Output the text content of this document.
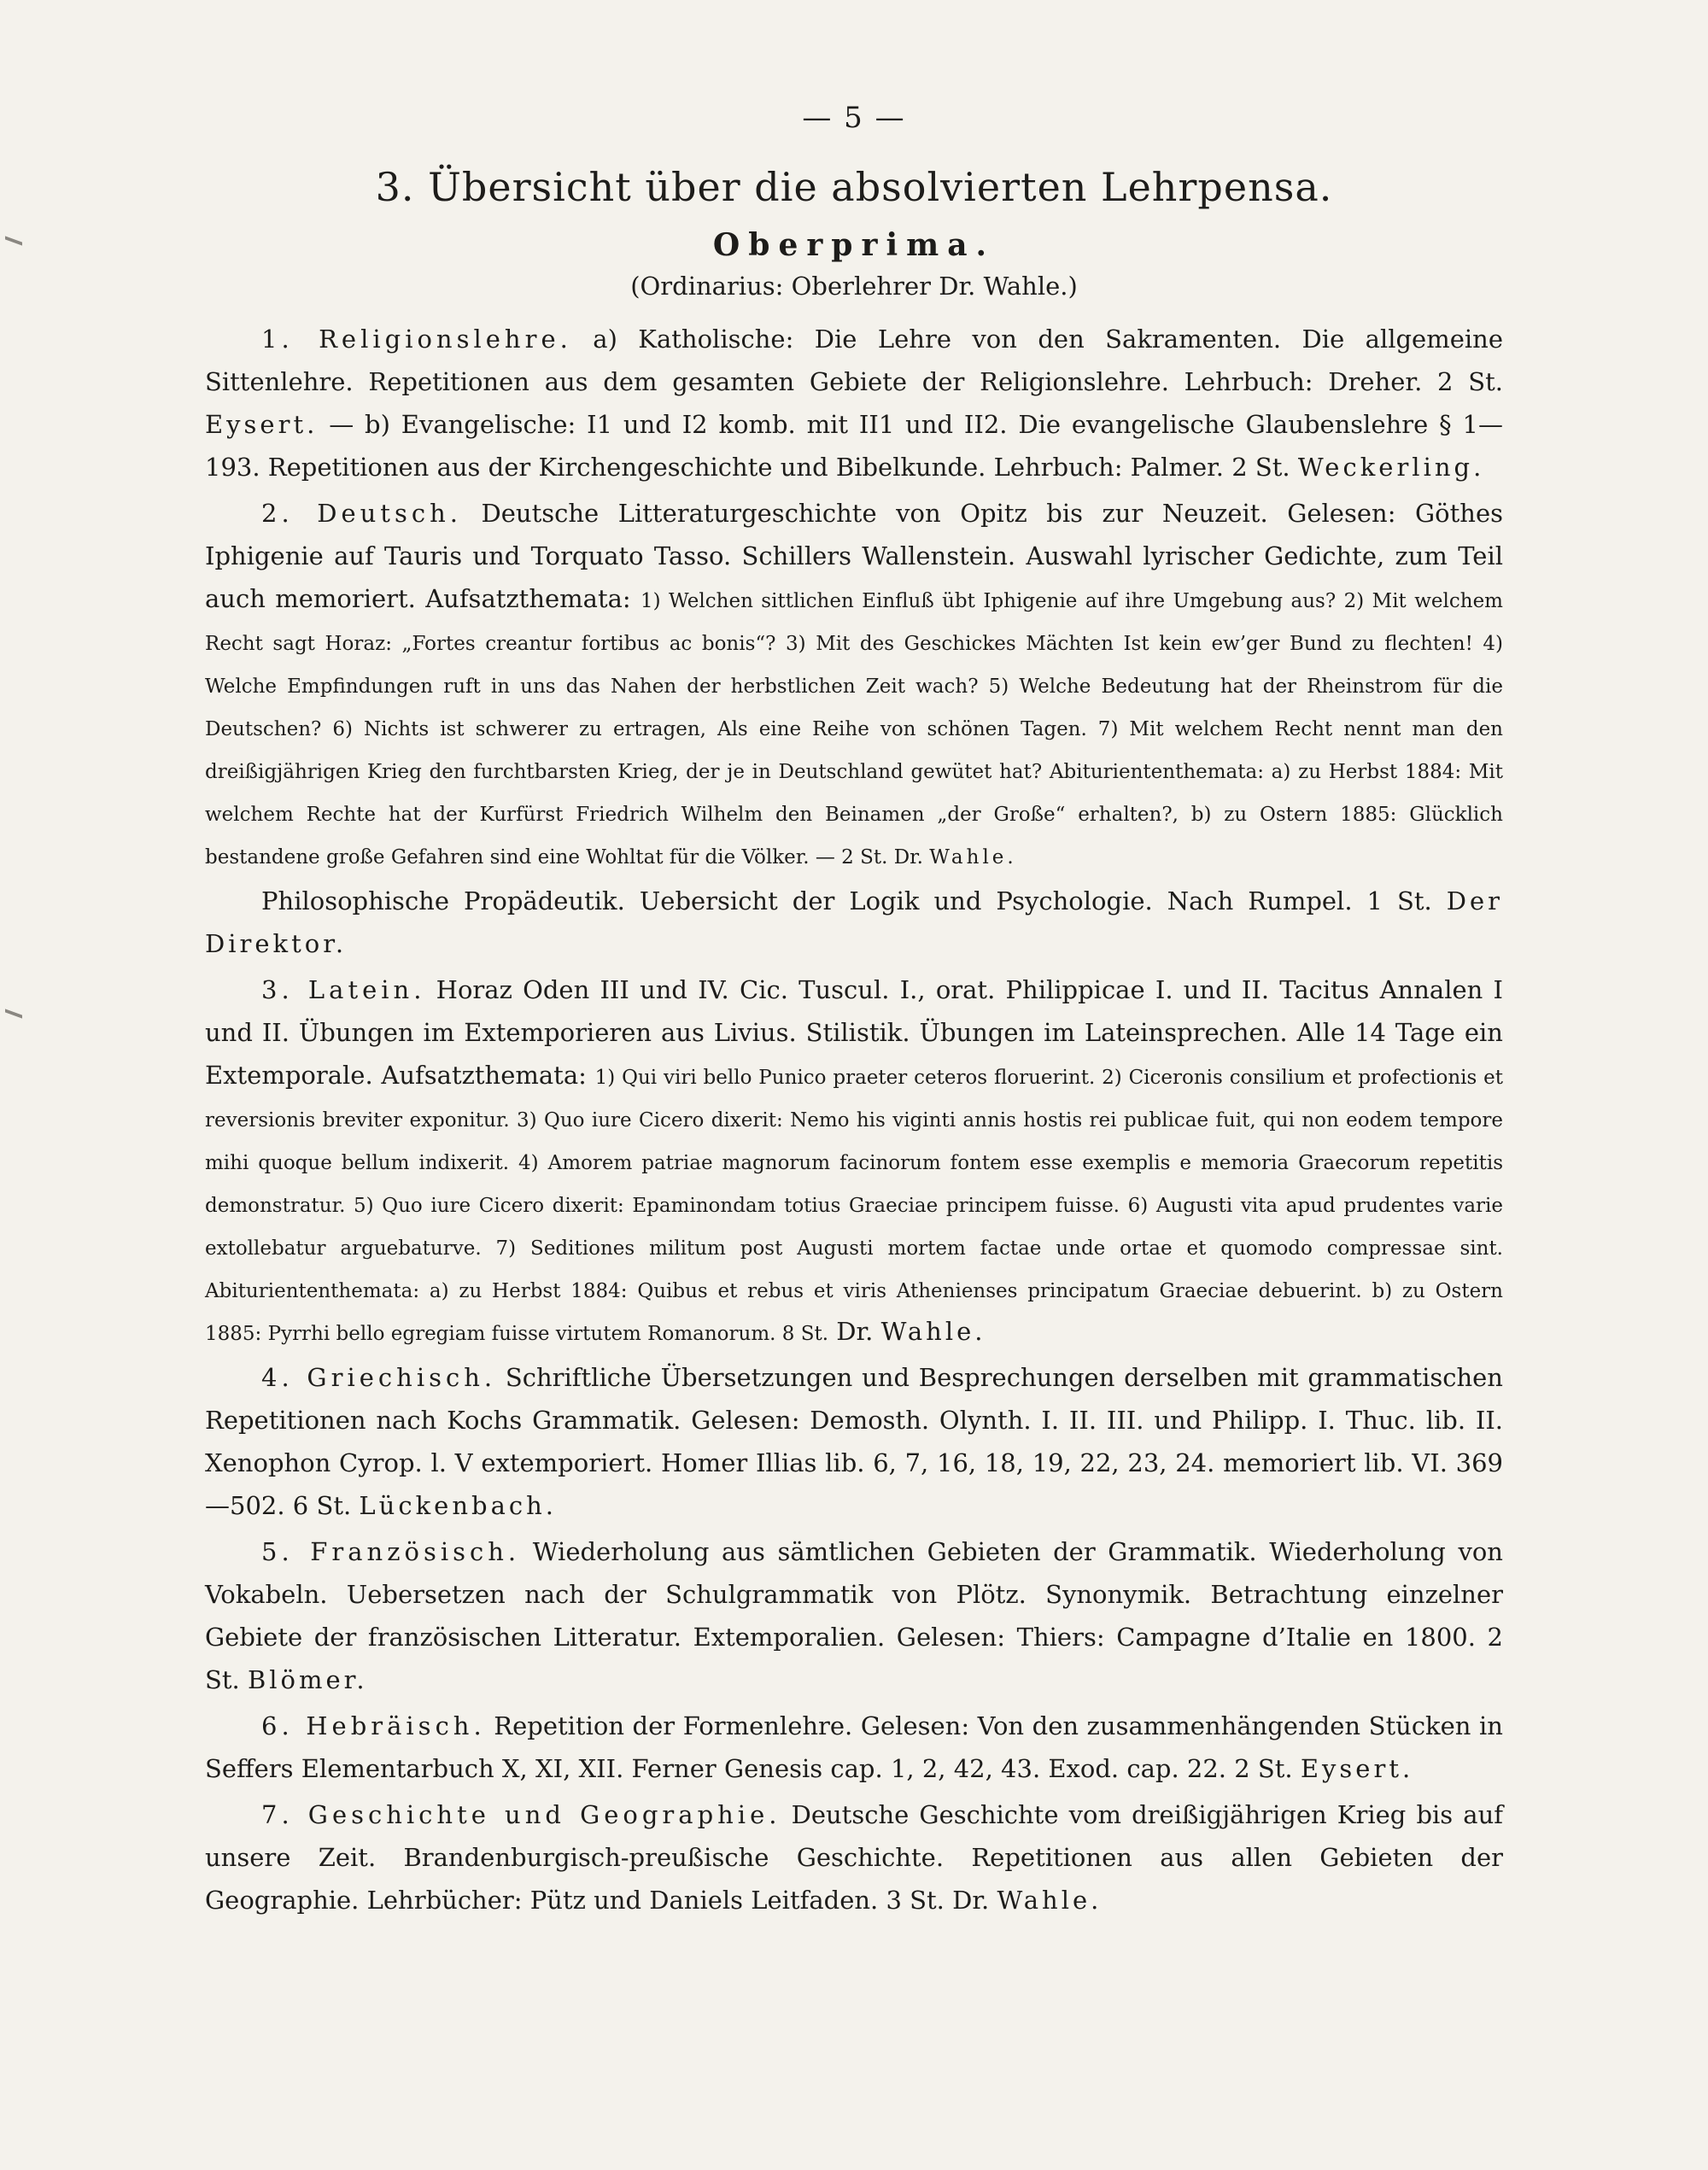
— 5 —
3. Übersicht über die absolvierten Lehrpensa.
Oberprima.
(Ordinarius: Oberlehrer Dr. Wahle.)

1. Religionslehre. a) Katholische: Die Lehre von den Sakramenten. Die allgemeine Sittenlehre. Repetitionen aus dem gesamten Gebiete der Religionslehre. Lehrbuch: Dreher. 2 St. Eysert. — b) Evangelische: I1 und I2 komb. mit II1 und II2. Die evangelische Glaubenslehre § 1—193. Repetitionen aus der Kirchengeschichte und Bibelkunde. Lehrbuch: Palmer. 2 St. Weckerling.

2. Deutsch. Deutsche Litteraturgeschichte von Opitz bis zur Neuzeit. Gelesen: Göthes Iphigenie auf Tauris und Torquato Tasso. Schillers Wallenstein. Auswahl lyrischer Gedichte, zum Teil auch memoriert. Aufsatzthemata: 1) Welchen sittlichen Einfluß übt Iphigenie auf ihre Umgebung aus? 2) Mit welchem Recht sagt Horaz: „Fortes creantur fortibus ac bonis“? 3) Mit des Geschickes Mächten Ist kein ew’ger Bund zu flechten! 4) Welche Empfindungen ruft in uns das Nahen der herbstlichen Zeit wach? 5) Welche Bedeutung hat der Rheinstrom für die Deutschen? 6) Nichts ist schwerer zu ertragen, Als eine Reihe von schönen Tagen. 7) Mit welchem Recht nennt man den dreißigjährigen Krieg den furchtbarsten Krieg, der je in Deutschland gewütet hat? Abituriententhemata: a) zu Herbst 1884: Mit welchem Rechte hat der Kurfürst Friedrich Wilhelm den Beinamen „der Große“ erhalten?, b) zu Ostern 1885: Glücklich bestandene große Gefahren sind eine Wohltat für die Völker. — 2 St. Dr. Wahle.

Philosophische Propädeutik. Uebersicht der Logik und Psychologie. Nach Rumpel. 1 St. Der Direktor.

3. Latein. Horaz Oden III und IV. Cic. Tuscul. I., orat. Philippicae I. und II. Tacitus Annalen I und II. Übungen im Extemporieren aus Livius. Stilistik. Übungen im Lateinsprechen. Alle 14 Tage ein Extemporale. Aufsatzthemata: 1) Qui viri bello Punico praeter ceteros floruerint. 2) Ciceronis consilium et profectionis et reversionis breviter exponitur. 3) Quo iure Cicero dixerit: Nemo his viginti annis hostis rei publicae fuit, qui non eodem tempore mihi quoque bellum indixerit. 4) Amorem patriae magnorum facinorum fontem esse exemplis e memoria Graecorum repetitis demonstratur. 5) Quo iure Cicero dixerit: Epaminondam totius Graeciae principem fuisse. 6) Augusti vita apud prudentes varie extollebatur arguebaturve. 7) Seditiones militum post Augusti mortem factae unde ortae et quomodo compressae sint. Abituriententhemata: a) zu Herbst 1884: Quibus et rebus et viris Athenienses principatum Graeciae debuerint. b) zu Ostern 1885: Pyrrhi bello egregiam fuisse virtutem Romanorum. 8 St. Dr. Wahle.

4. Griechisch. Schriftliche Übersetzungen und Besprechungen derselben mit grammatischen Repetitionen nach Kochs Grammatik. Gelesen: Demosth. Olynth. I. II. III. und Philipp. I. Thuc. lib. II. Xenophon Cyrop. l. V extemporiert. Homer Illias lib. 6, 7, 16, 18, 19, 22, 23, 24. memoriert lib. VI. 369—502. 6 St. Lückenbach.

5. Französisch. Wiederholung aus sämtlichen Gebieten der Grammatik. Wiederholung von Vokabeln. Uebersetzen nach der Schulgrammatik von Plötz. Synonymik. Betrachtung einzelner Gebiete der französischen Litteratur. Extemporalien. Gelesen: Thiers: Campagne d’Italie en 1800. 2 St. Blömer.

6. Hebräisch. Repetition der Formenlehre. Gelesen: Von den zusammenhängenden Stücken in Seffers Elementarbuch X, XI, XII. Ferner Genesis cap. 1, 2, 42, 43. Exod. cap. 22. 2 St. Eysert.

7. Geschichte und Geographie. Deutsche Geschichte vom dreißigjährigen Krieg bis auf unsere Zeit. Brandenburgisch-preußische Geschichte. Repetitionen aus allen Gebieten der Geographie. Lehrbücher: Pütz und Daniels Leitfaden. 3 St. Dr. Wahle.
